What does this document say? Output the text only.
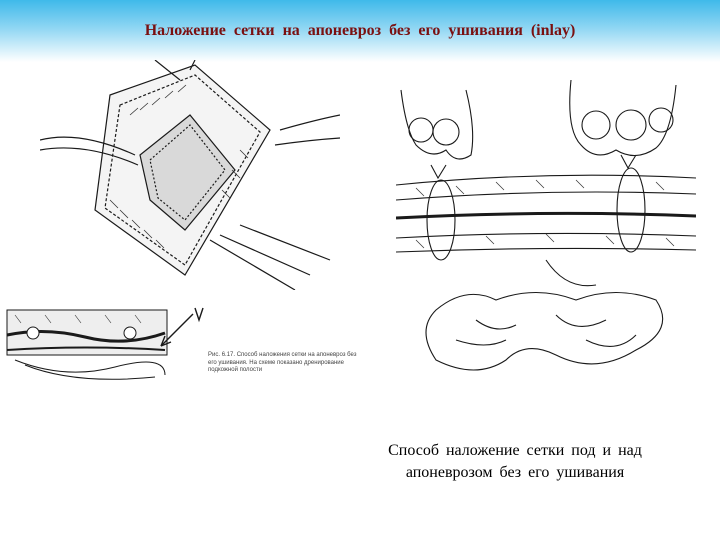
Наложение сетки на апоневроз без его ушивания (inlay)
Рис. 6.17. Способ наложения сетки на апоневроз без его ушивания. На схеме показано дренирование подкожной полости
Способ наложение сетки под и над
апоневрозом без его ушивания
